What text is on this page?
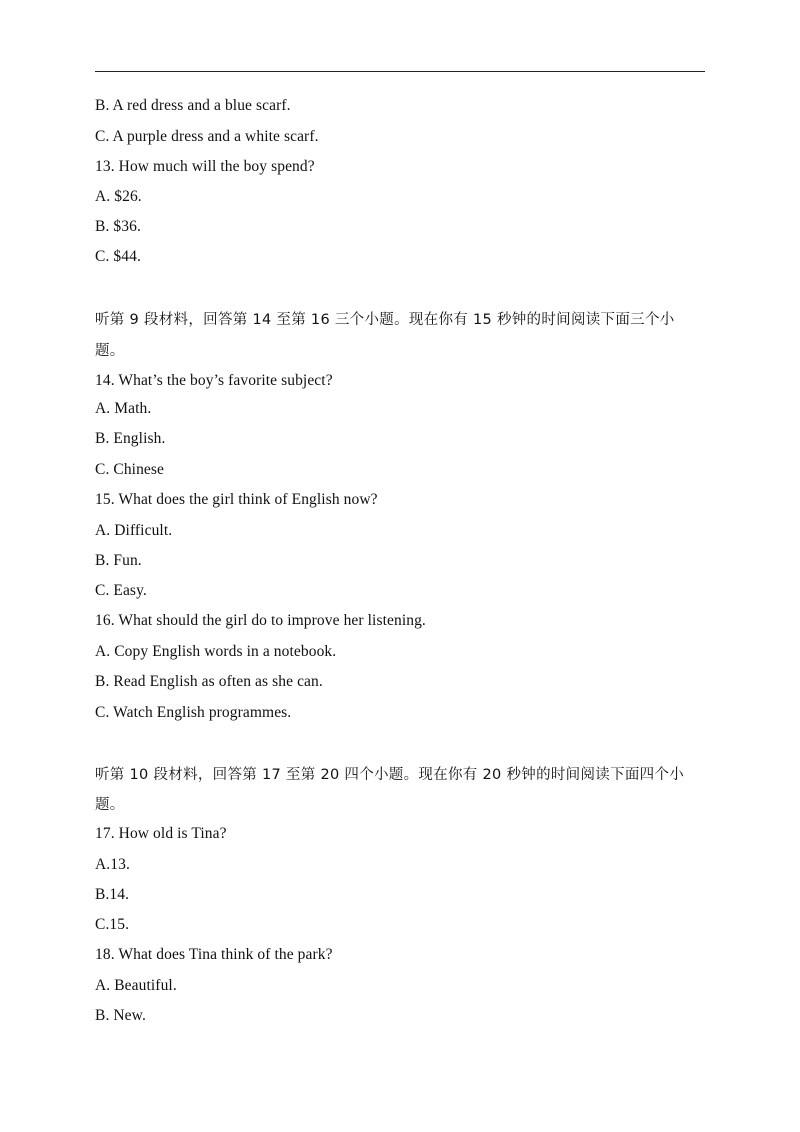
B. A red dress and a blue scarf.
C. A purple dress and a white scarf.
13. How much will the boy spend?
A. $26.
B. $36.
C. $44.
听第 9 段材料，回答第 14 至第 16 三个小题。现在你有 15 秒钟的时间阅读下面三个小
题。
14. What’s the boy’s favorite subject?
A. Math.
B. English.
C. Chinese
15. What does the girl think of English now?
A. Difficult.
B. Fun.
C. Easy.
16. What should the girl do to improve her listening.
A. Copy English words in a notebook.
B. Read English as often as she can.
C. Watch English programmes.
听第 10 段材料，回答第 17 至第 20 四个小题。现在你有 20 秒钟的时间阅读下面四个小
题。
17. How old is Tina?
A.13.
B.14.
C.15.
18. What does Tina think of the park?
A. Beautiful.
B. New.
